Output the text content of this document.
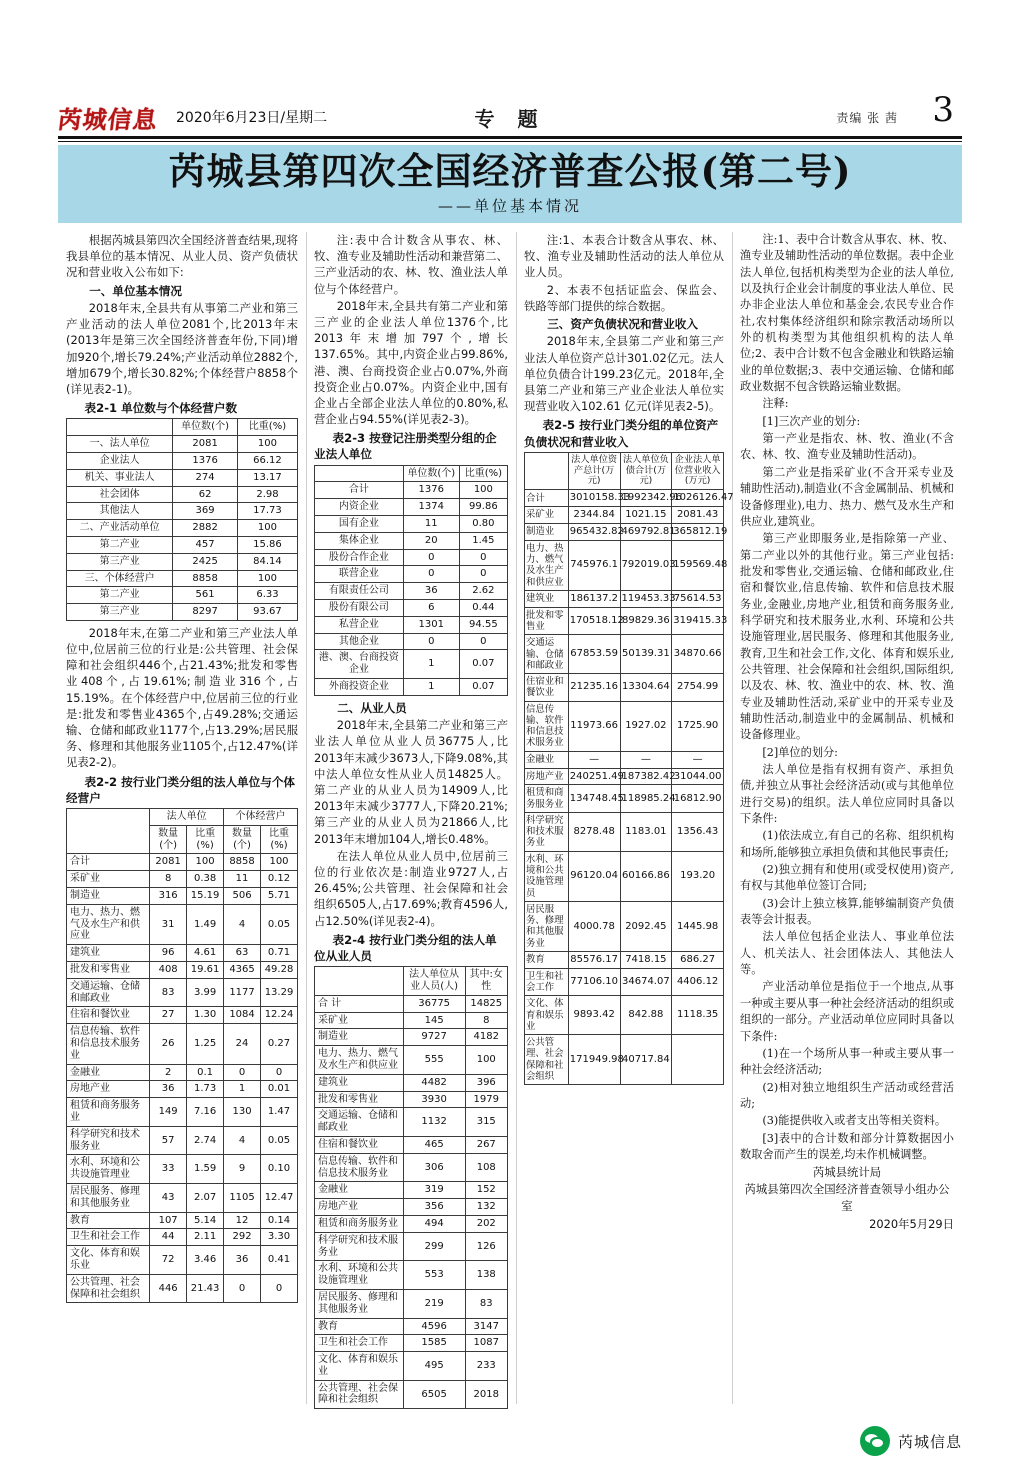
芮城信息 2020年6月23日/星期二	专 题	责编 张 茜 3
芮城县第四次全国经济普查公报(第二号)
——单位基本情况

根据芮城县第四次全国经济普查结果,现将我县单位的基本情况、从业人员、资产负债状况和营业收入公布如下:

一、单位基本情况

2018年末,全县共有从事第二产业和第三产业活动的法人单位2081个,比2013年末(2013年是第三次全国经济普查年份,下同)增加920个,增长79.24%;产业活动单位2882个,增加679个,增长30.82%;个体经营户8858个(详见表2-1)。

表2-1 单位数与个体经营户数

	单位数(个)	比重(%)
一、法人单位	2081	100
企业法人	1376	66.12
机关、事业法人	274	13.17
社会团体	62	2.98
其他法人	369	17.73
二、产业活动单位	2882	100
第二产业	457	15.86
第三产业	2425	84.14
三、个体经营户	8858	100
第二产业	561	6.33
第三产业	8297	93.67

2018年末,在第二产业和第三产业法人单位中,位居前三位的行业是:公共管理、社会保障和社会组织446个,占21.43%;批发和零售业408个,占19.61%;制造业316个,占15.19%。在个体经营户中,位居前三位的行业是:批发和零售业4365个,占49.28%;交通运输、仓储和邮政业1177个,占13.29%;居民服务、修理和其他服务业1105个,占12.47%(详见表2-2)。

表2-2 按行业门类分组的法人单位与个体经营户

	法人单位		个体经营户	
	数量(个)	比重(%)	数量(个)	比重(%)
合计	2081	100	8858	100
采矿业	8	0.38	11	0.12
制造业	316	15.19	506	5.71
电力、热力、燃气及水生产和供应业	31	1.49	4	0.05
建筑业	96	4.61	63	0.71
批发和零售业	408	19.61	4365	49.28
交通运输、仓储和邮政业	83	3.99	1177	13.29
住宿和餐饮业	27	1.30	1084	12.24
信息传输、软件和信息技术服务业	26	1.25	24	0.27
金融业	2	0.1	0	0
房地产业	36	1.73	1	0.01
租赁和商务服务业	149	7.16	130	1.47
科学研究和技术服务业	57	2.74	4	0.05
水利、环境和公共设施管理业	33	1.59	9	0.10
居民服务、修理和其他服务业	43	2.07	1105	12.47
教育	107	5.14	12	0.14
卫生和社会工作	44	2.11	292	3.30
文化、体育和娱乐业	72	3.46	36	0.41
公共管理、社会保障和社会组织	446	21.43	0	0

注:表中合计数含从事农、林、牧、渔专业及辅助性活动和兼营第二、三产业活动的农、林、牧、渔业法人单位与个体经营户。

2018年末,全县共有第二产业和第三产业的企业法人单位1376个,比2013年末增加797个,增长137.65%。其中,内资企业占99.86%,港、澳、台商投资企业占0.07%,外商投资企业占0.07%。内资企业中,国有企业占全部企业法人单位的0.80%,私营企业占94.55%(详见表2-3)。

表2-3 按登记注册类型分组的企业法人单位

	单位数(个)	比重(%)
合计	1376	100
内资企业	1374	99.86
国有企业	11	0.80
集体企业	20	1.45
股份合作企业	0	0
联营企业	0	0
有限责任公司	36	2.62
股份有限公司	6	0.44
私营企业	1301	94.55
其他企业	0	0
港、澳、台商投资企业	1	0.07
外商投资企业	1	0.07

二、从业人员

2018年末,全县第二产业和第三产业法人单位从业人员36775人,比2013年末减少3673人,下降9.08%,其中法人单位女性从业人员14825人。第二产业的从业人员为14909人,比2013年末减少3777人,下降20.21%;第三产业的从业人员为21866人,比2013年末增加104人,增长0.48%。

在法人单位从业人员中,位居前三位的行业依次是:制造业9727人,占26.45%;公共管理、社会保障和社会组织6505人,占17.69%;教育4596人,占12.50%(详见表2-4)。

表2-4 按行业门类分组的法人单位从业人员

	法人单位从业人员(人)	其中:女性
合 计	36775	14825
采矿业	145	8
制造业	9727	4182
电力、热力、燃气及水生产和供应业	555	100
建筑业	4482	396
批发和零售业	3930	1979
交通运输、仓储和邮政业	1132	315
住宿和餐饮业	465	267
信息传输、软件和信息技术服务业	306	108
金融业	319	152
房地产业	356	132
租赁和商务服务业	494	202
科学研究和技术服务业	299	126
水利、环境和公共设施管理业	553	138
居民服务、修理和其他服务业	219	83
教育	4596	3147
卫生和社会工作	1585	1087
文化、体育和娱乐业	495	233
公共管理、社会保障和社会组织	6505	2018

注:1、本表合计数含从事农、林、牧、渔专业及辅助性活动的法人单位从业人员。

2、本表不包括证监会、保监会、铁路等部门提供的综合数据。

三、资产负债状况和营业收入

2018年末,全县第二产业和第三产业法人单位资产总计301.02亿元。法人单位负债合计199.23亿元。2018年,全县第二产业和第三产业企业法人单位实现营业收入102.61 亿元(详见表2-5)。

表2-5 按行业门类分组的单位资产负债状况和营业收入

	法人单位资产总计(万元)	法人单位负债合计(万元)	企业法人单位营业收入(万元)
合计	3010158.33	1992342.96	1026126.47
采矿业	2344.84	1021.15	2081.43
制造业	965432.82	469792.81	365812.19
电力、热力、燃气及水生产和供应业	745976.1	792019.03	159569.48
建筑业	186137.2	119453.33	75614.53
批发和零售业	170518.12	89829.36	319415.33
交通运输、仓储和邮政业	67853.59	50139.31	34870.66
住宿业和餐饮业	21235.16	13304.64	2754.99
信息传输、软件和信息技术服务业	11973.66	1927.02	1725.90
金融业	—	—	—
房地产业	240251.49	187382.42	31044.00
租赁和商务服务业	134748.45	118985.24	16812.90
科学研究和技术服务业	8278.48	1183.01	1356.43
水利、环境和公共设施管理员	96120.04	60166.86	193.20
居民服务、修理和其他服务业	4000.78	2092.45	1445.98
教育	85576.17	7418.15	686.27
卫生和社会工作	77106.10	34674.07	4406.12
文化、体育和娱乐业	9893.42	842.88	1118.35
公共管理、社会保障和社会组织	171949.98	40717.84	

注:1、表中合计数含从事农、林、牧、渔专业及辅助性活动的单位数据。表中企业法人单位,包括机构类型为企业的法人单位,以及执行企业会计制度的事业法人单位、民办非企业法人单位和基金会,农民专业合作社,农村集体经济组织和除宗教活动场所以外的机构类型为其他组织机构的法人单位;2、表中合计数不包含金融业和铁路运输业的单位数据;3、表中交通运输、仓储和邮政业数据不包含铁路运输业数据。

注释:

[1]三次产业的划分:

第一产业是指农、林、牧、渔业(不含农、林、牧、渔专业及辅助性活动)。

第二产业是指采矿业(不含开采专业及辅助性活动),制造业(不含金属制品、机械和设备修理业),电力、热力、燃气及水生产和供应业,建筑业。

第三产业即服务业,是指除第一产业、第二产业以外的其他行业。第三产业包括:批发和零售业,交通运输、仓储和邮政业,住宿和餐饮业,信息传输、软件和信息技术服务业,金融业,房地产业,租赁和商务服务业,科学研究和技术服务业,水利、环境和公共设施管理业,居民服务、修理和其他服务业,教育,卫生和社会工作,文化、体育和娱乐业,公共管理、社会保障和社会组织,国际组织,以及农、林、牧、渔业中的农、林、牧、渔专业及辅助性活动,采矿业中的开采专业及辅助性活动,制造业中的金属制品、机械和设备修理业。

[2]单位的划分:

法人单位是指有权拥有资产、承担负债,并独立从事社会经济活动(或与其他单位进行交易)的组织。法人单位应同时具备以下条件:

(1)依法成立,有自己的名称、组织机构和场所,能够独立承担负债和其他民事责任;

(2)独立拥有和使用(或受权使用)资产,有权与其他单位签订合同;

(3)会计上独立核算,能够编制资产负债表等会计报表。

法人单位包括企业法人、事业单位法人、机关法人、社会团体法人、其他法人等。

产业活动单位是指位于一个地点,从事一种或主要从事一种社会经济活动的组织或组织的一部分。产业活动单位应同时具备以下条件:

(1)在一个场所从事一种或主要从事一种社会经济活动;

(2)相对独立地组织生产活动或经营活动;

(3)能提供收入或者支出等相关资料。

[3]表中的合计数和部分计算数据因小数取舍而产生的误差,均未作机械调整。

芮城县统计局

芮城县第四次全国经济普查领导小组办公室

2020年5月29日

芮城信息
